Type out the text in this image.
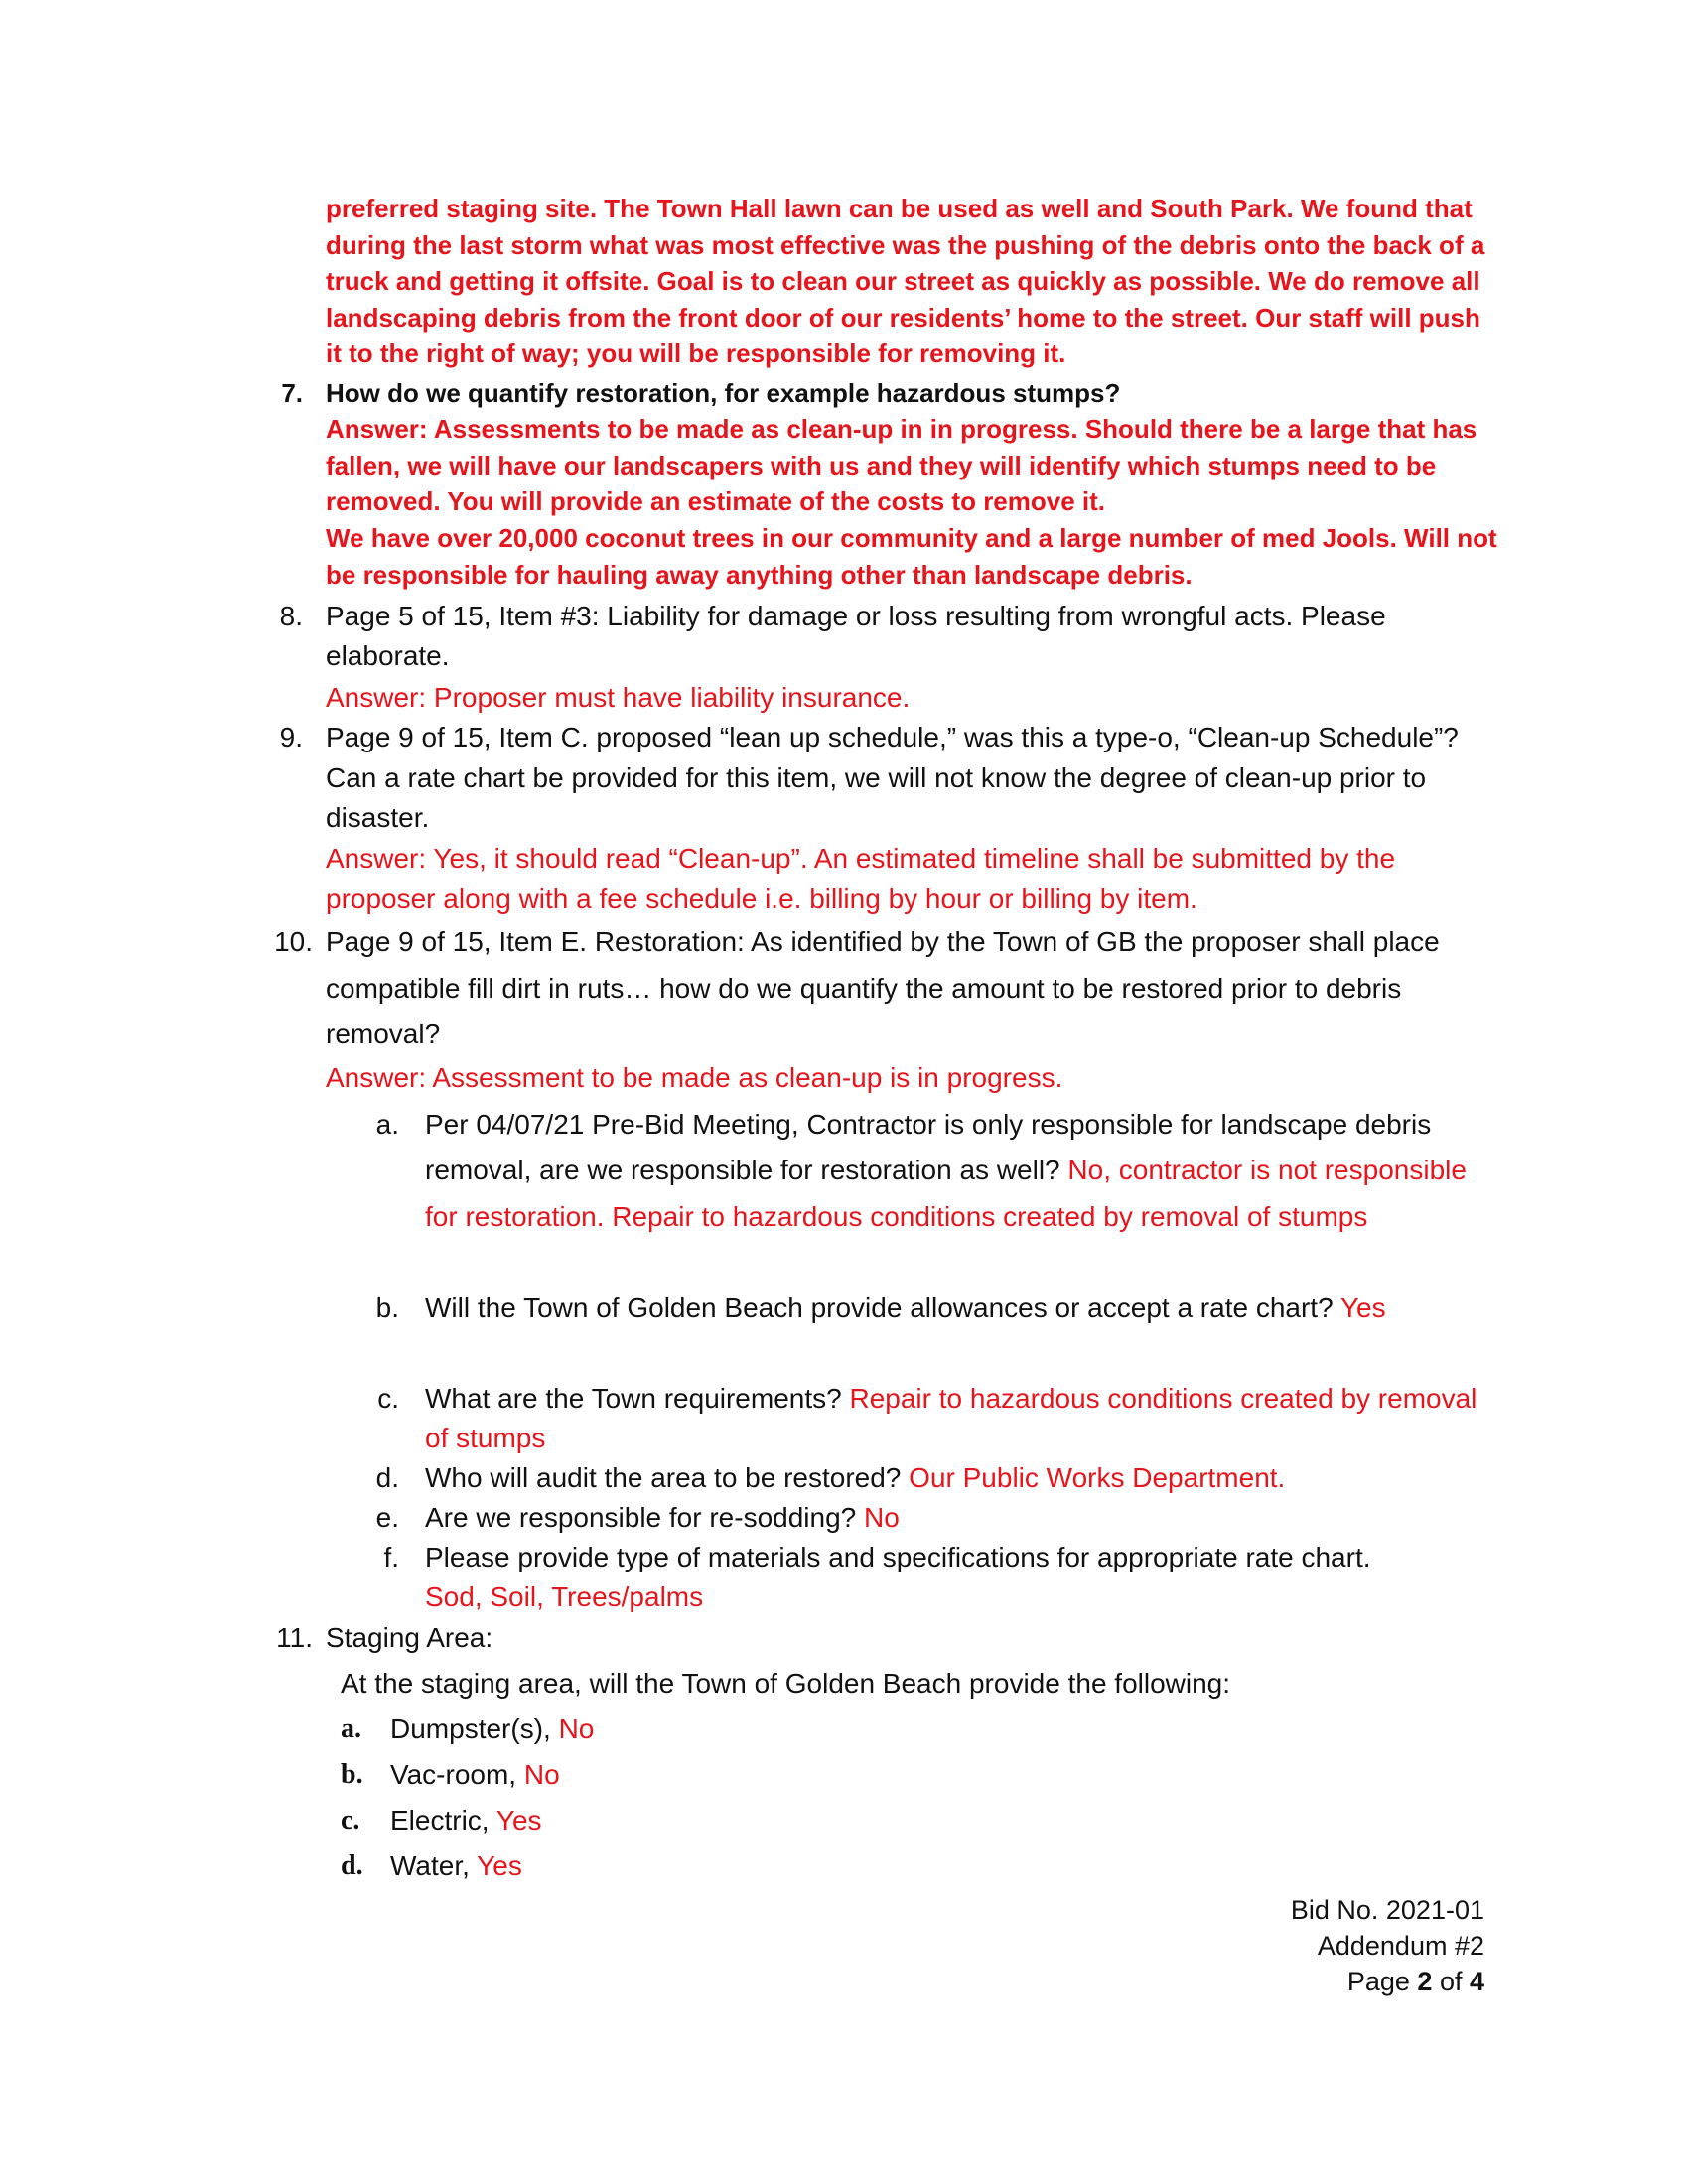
preferred staging site. The Town Hall lawn can be used as well and South Park. We found that during the last storm what was most effective was the pushing of the debris onto the back of a truck and getting it offsite. Goal is to clean our street as quickly as possible. We do remove all landscaping debris from the front door of our residents’ home to the street. Our staff will push it to the right of way; you will be responsible for removing it.
7. How do we quantify restoration, for example hazardous stumps?
Answer: Assessments to be made as clean-up in in progress. Should there be a large that has fallen, we will have our landscapers with us and they will identify which stumps need to be removed. You will provide an estimate of the costs to remove it.
We have over 20,000 coconut trees in our community and a large number of med Jools. Will not be responsible for hauling away anything other than landscape debris.
8. Page 5 of 15, Item #3: Liability for damage or loss resulting from wrongful acts. Please elaborate.
Answer: Proposer must have liability insurance.
9. Page 9 of 15, Item C. proposed “lean up schedule,” was this a type-o, “Clean-up Schedule”? Can a rate chart be provided for this item, we will not know the degree of clean-up prior to disaster.
Answer: Yes, it should read “Clean-up”. An estimated timeline shall be submitted by the proposer along with a fee schedule i.e. billing by hour or billing by item.
10. Page 9 of 15, Item E. Restoration: As identified by the Town of GB the proposer shall place compatible fill dirt in ruts… how do we quantify the amount to be restored prior to debris removal?
Answer: Assessment to be made as clean-up is in progress.
a. Per 04/07/21 Pre-Bid Meeting, Contractor is only responsible for landscape debris removal, are we responsible for restoration as well? No, contractor is not responsible for restoration. Repair to hazardous conditions created by removal of stumps
b. Will the Town of Golden Beach provide allowances or accept a rate chart? Yes
c. What are the Town requirements? Repair to hazardous conditions created by removal of stumps
d. Who will audit the area to be restored? Our Public Works Department.
e. Are we responsible for re-sodding? No
f. Please provide type of materials and specifications for appropriate rate chart.
Sod, Soil, Trees/palms
11. Staging Area:
At the staging area, will the Town of Golden Beach provide the following:
a. Dumpster(s), No
b. Vac-room, No
c. Electric, Yes
d. Water, Yes
Bid No. 2021-01
Addendum #2
Page 2 of 4
